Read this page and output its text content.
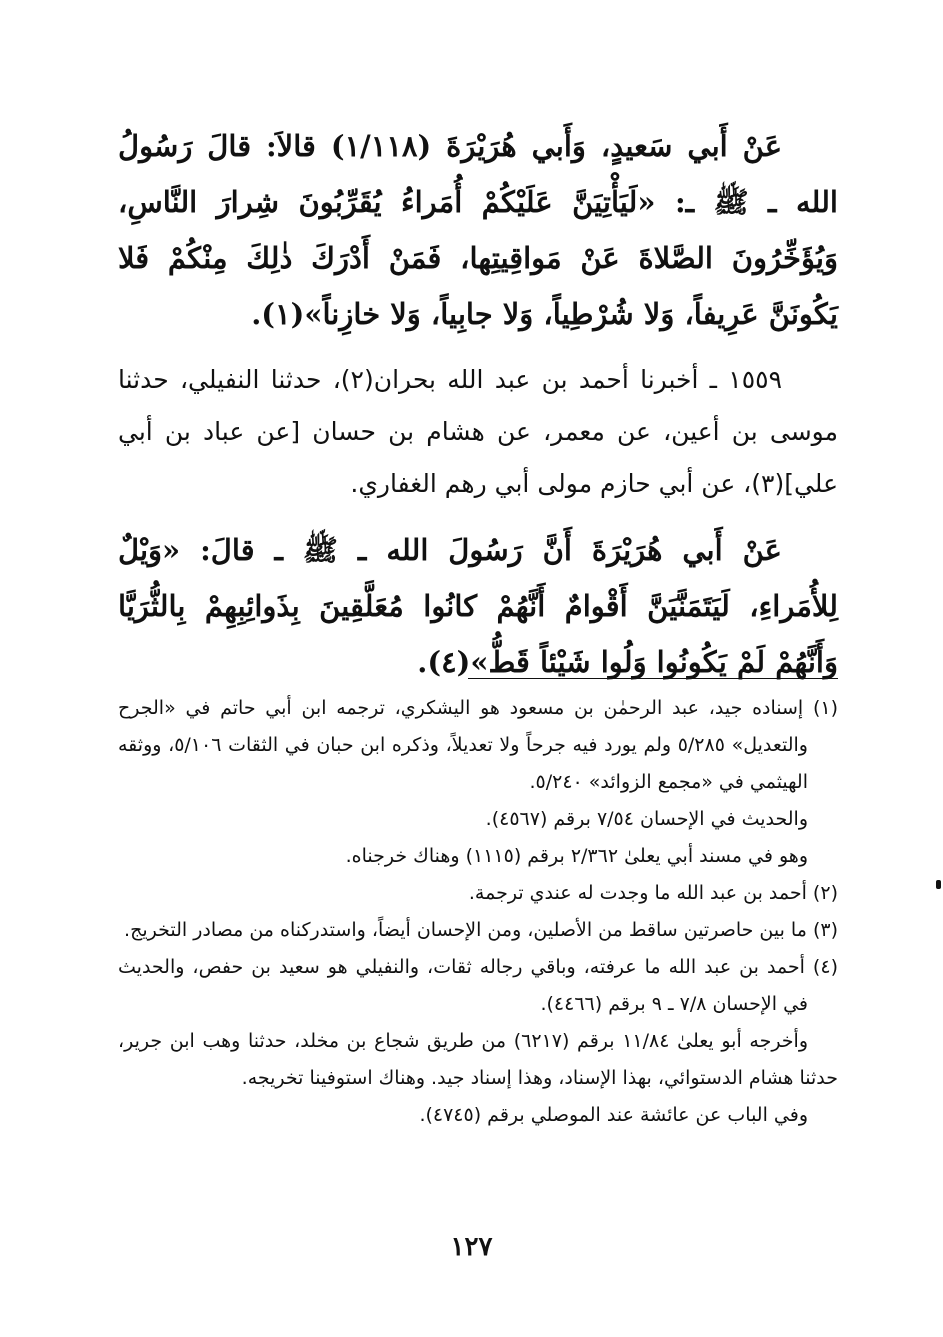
عَنْ أَبي سَعيدٍ، وَأَبي هُرَيْرَةَ (١/١١٨) قالاَ: قالَ رَسُولُ الله ـ ﷺ ـ: «لَيَأْتِيَنَّ عَلَيْكُمْ أُمَراءُ يُقَرِّبُونَ شِرارَ النَّاسِ، وَيُؤَخِّرُونَ الصَّلاةَ عَنْ مَواقِيتِها، فَمَنْ أَدْرَكَ ذٰلِكَ مِنْكُمْ فَلا يَكُونَنَّ عَرِيفاً، وَلا شُرْطِياً، وَلا جابِياً، وَلا خازِناً»(١).

١٥٥٩ ـ أخبرنا أحمد بن عبد الله بحران(٢)، حدثنا النفيلي، حدثنا موسى بن أعين، عن معمر، عن هشام بن حسان [عن عباد بن أبي علي](٣)، عن أبي حازم مولى أبي رهم الغفاري.

عَنْ أَبي هُرَيْرَةَ أَنَّ رَسُولَ الله ـ ﷺ ـ قالَ: «وَيْلٌ لِلأُمَراءِ، لَيَتَمَنَّيَنَّ أَقْوامٌ أَنَّهُمْ كانُوا مُعَلَّقِينَ بِذَوائِبِهِمْ بِالثُّرَيَّا وَأَنَّهُمْ لَمْ يَكُونُوا وَلُوا شَيْئاً قَطُّ»(٤).

(١) إسناده جيد، عبد الرحمٰن بن مسعود هو اليشكري، ترجمه ابن أبي حاتم في «الجرح والتعديل» ٥/٢٨٥ ولم يورد فيه جرحاً ولا تعديلاً، وذكره ابن حبان في الثقات ٥/١٠٦، ووثقه الهيثمي في «مجمع الزوائد» ٥/٢٤٠.

والحديث في الإحسان ٧/٥٤ برقم (٤٥٦٧).

وهو في مسند أبي يعلىٰ ٢/٣٦٢ برقم (١١١٥) وهناك خرجناه.

(٢) أحمد بن عبد الله ما وجدت له عندي ترجمة.

(٣) ما بين حاصرتين ساقط من الأصلين، ومن الإحسان أيضاً، واستدركناه من مصادر التخريج.

(٤) أحمد بن عبد الله ما عرفته، وباقي رجاله ثقات، والنفيلي هو سعيد بن حفص، والحديث في الإحسان ٧/٨ ـ ٩ برقم (٤٤٦٦).

وأخرجه أبو يعلىٰ ١١/٨٤ برقم (٦٢١٧) من طريق شجاع بن مخلد، حدثنا وهب ابن جرير، حدثنا هشام الدستوائي، بهذا الإسناد، وهذا إسناد جيد. وهناك استوفينا تخريجه.

وفي الباب عن عائشة عند الموصلي برقم (٤٧٤٥).

١٢٧
